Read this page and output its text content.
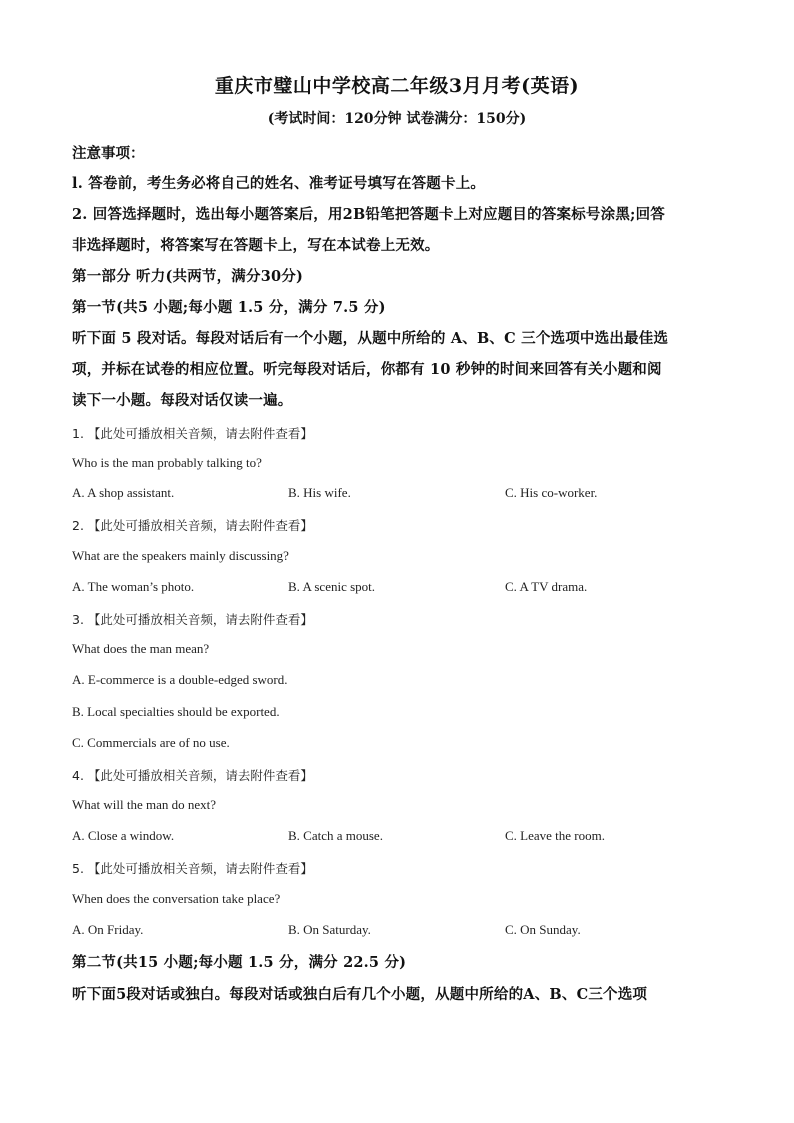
重庆市璧山中学校高二年级3月月考(英语)
(考试时间：120分钟 试卷满分：150分)
注意事项：
l. 答卷前，考生务必将自己的姓名、准考证号填写在答题卡上。
2. 回答选择题时，选出每小题答案后，用2B铅笔把答题卡上对应题目的答案标号涂黑;回答
非选择题时，将答案写在答题卡上，写在本试卷上无效。
第一部分 听力(共两节，满分30分)
第一节(共5 小题;每小题 1.5 分，满分 7.5 分)
听下面 5 段对话。每段对话后有一个小题，从题中所给的 A、B、C 三个选项中选出最佳选
项，并标在试卷的相应位置。听完每段对话后，你都有 10 秒钟的时间来回答有关小题和阅
读下一小题。每段对话仅读一遍。
1. 【此处可播放相关音频，请去附件查看】
Who is the man probably talking to?
A. A shop assistant.	B. His wife.	C. His co-worker.
2. 【此处可播放相关音频，请去附件查看】
What are the speakers mainly discussing?
A. The woman’s photo.	B. A scenic spot.	C. A TV drama.
3. 【此处可播放相关音频，请去附件查看】
What does the man mean?
A. E-commerce is a double-edged sword.
B. Local specialties should be exported.
C. Commercials are of no use.
4. 【此处可播放相关音频，请去附件查看】
What will the man do next?
A. Close a window.	B. Catch a mouse.	C. Leave the room.
5. 【此处可播放相关音频，请去附件查看】
When does the conversation take place?
A. On Friday.	B. On Saturday.	C. On Sunday.
第二节(共15 小题;每小题 1.5 分，满分 22.5 分)
听下面5段对话或独白。每段对话或独白后有几个小题，从题中所给的A、B、C三个选项
